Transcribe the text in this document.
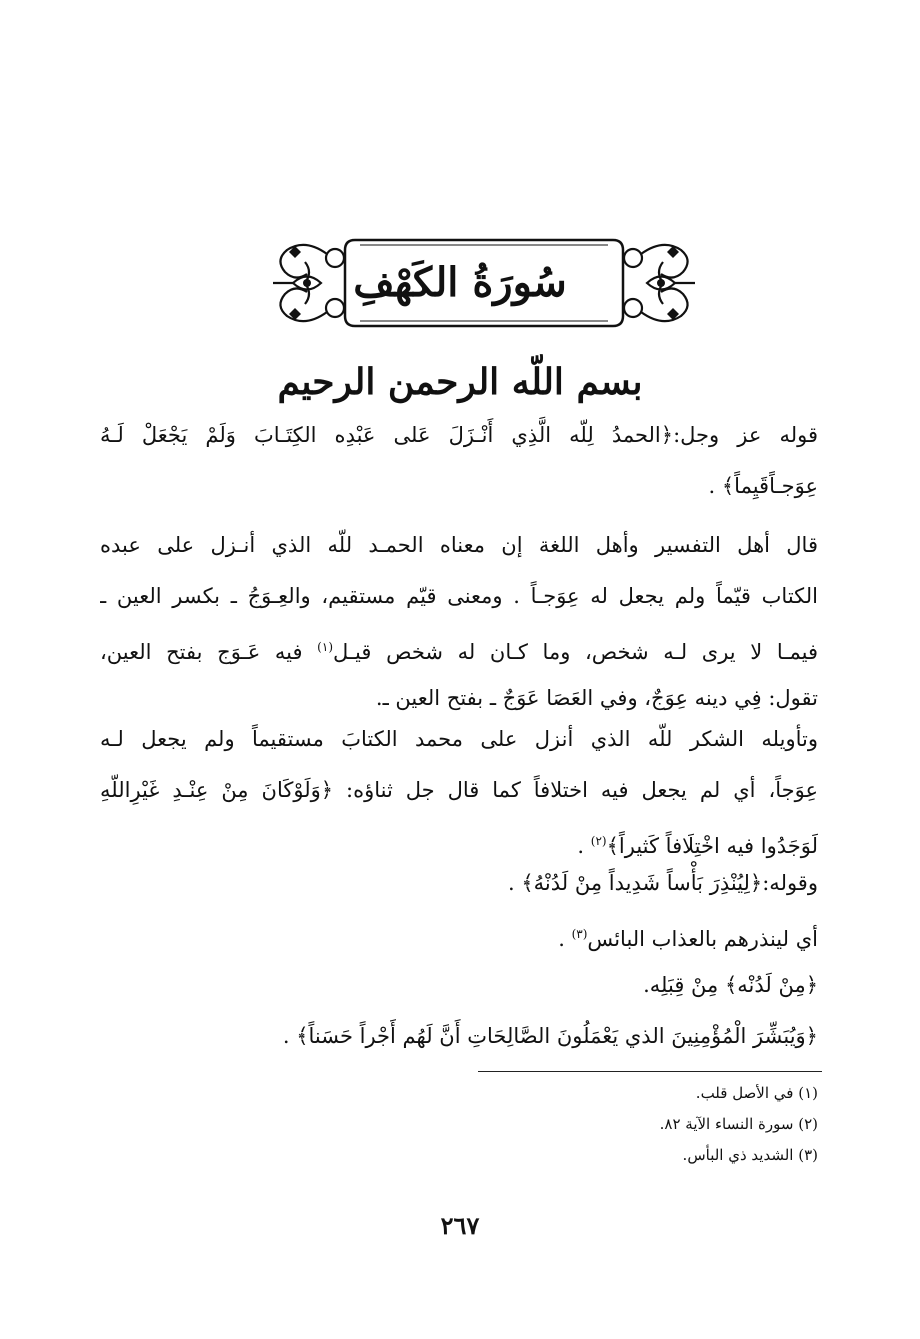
سُورَةُ الكَهْفِ
بسم اللّه الرحمن الرحيم
قوله عز وجل:﴿الحمدُ لِلّه الَّذِي أَنْـزَلَ عَلى عَبْدِه الكِتَـابَ وَلَمْ يَجْعَلْ لَـهُ
عِوَجـاًقَيِماً﴾ .
قال أهل التفسير وأهل اللغة إن معناه الحمـد للّه الذي أنـزل على عبده
الكتاب قيّماً ولم يجعل له عِوَجـاً . ومعنى قيّم مستقيم، والعِـوَجُ ـ بكسر العين ـ
فيمـا لا يرى لـه شخص، وما كـان له شخص قيـل$^{(١)}$ فيه عَـوَج بفتح العين،
تقول: فِي دينه عِوَجٌ، وفي العَصَا عَوَجٌ ـ بفتح العين ـ.
وتأويله الشكر للّه الذي أنزل على محمد الكتابَ مستقيماً ولم يجعل لـه
عِوَجاً، أي لم يجعل فيه اختلافاً كما قال جل ثناؤه: ﴿وَلَوْكَانَ مِنْ عِنْـدِ غَيْرِاللّهِ
لَوَجَدُوا فيه اخْتِلَافاً كَثيراً﴾$^{(٢)}$ .
وقوله:﴿لِيُنْذِرَ بَأْساً شَدِيداً مِنْ لَدُنْهُ﴾ .
أي لينذرهم بالعذاب البائس$^{(٣)}$ .
﴿مِنْ لَدُنْه﴾ مِنْ قِبَلِه.
﴿وَيُبَشِّرَ الْمُؤْمِنِينَ الذي يَعْمَلُونَ الصَّالِحَاتِ أَنَّ لَهُم أَجْراً حَسَناً﴾ .
(١) في الأصل قلب.
(٢) سورة النساء الآية ٨٢.
(٣) الشديد ذي البأس.
٢٦٧
